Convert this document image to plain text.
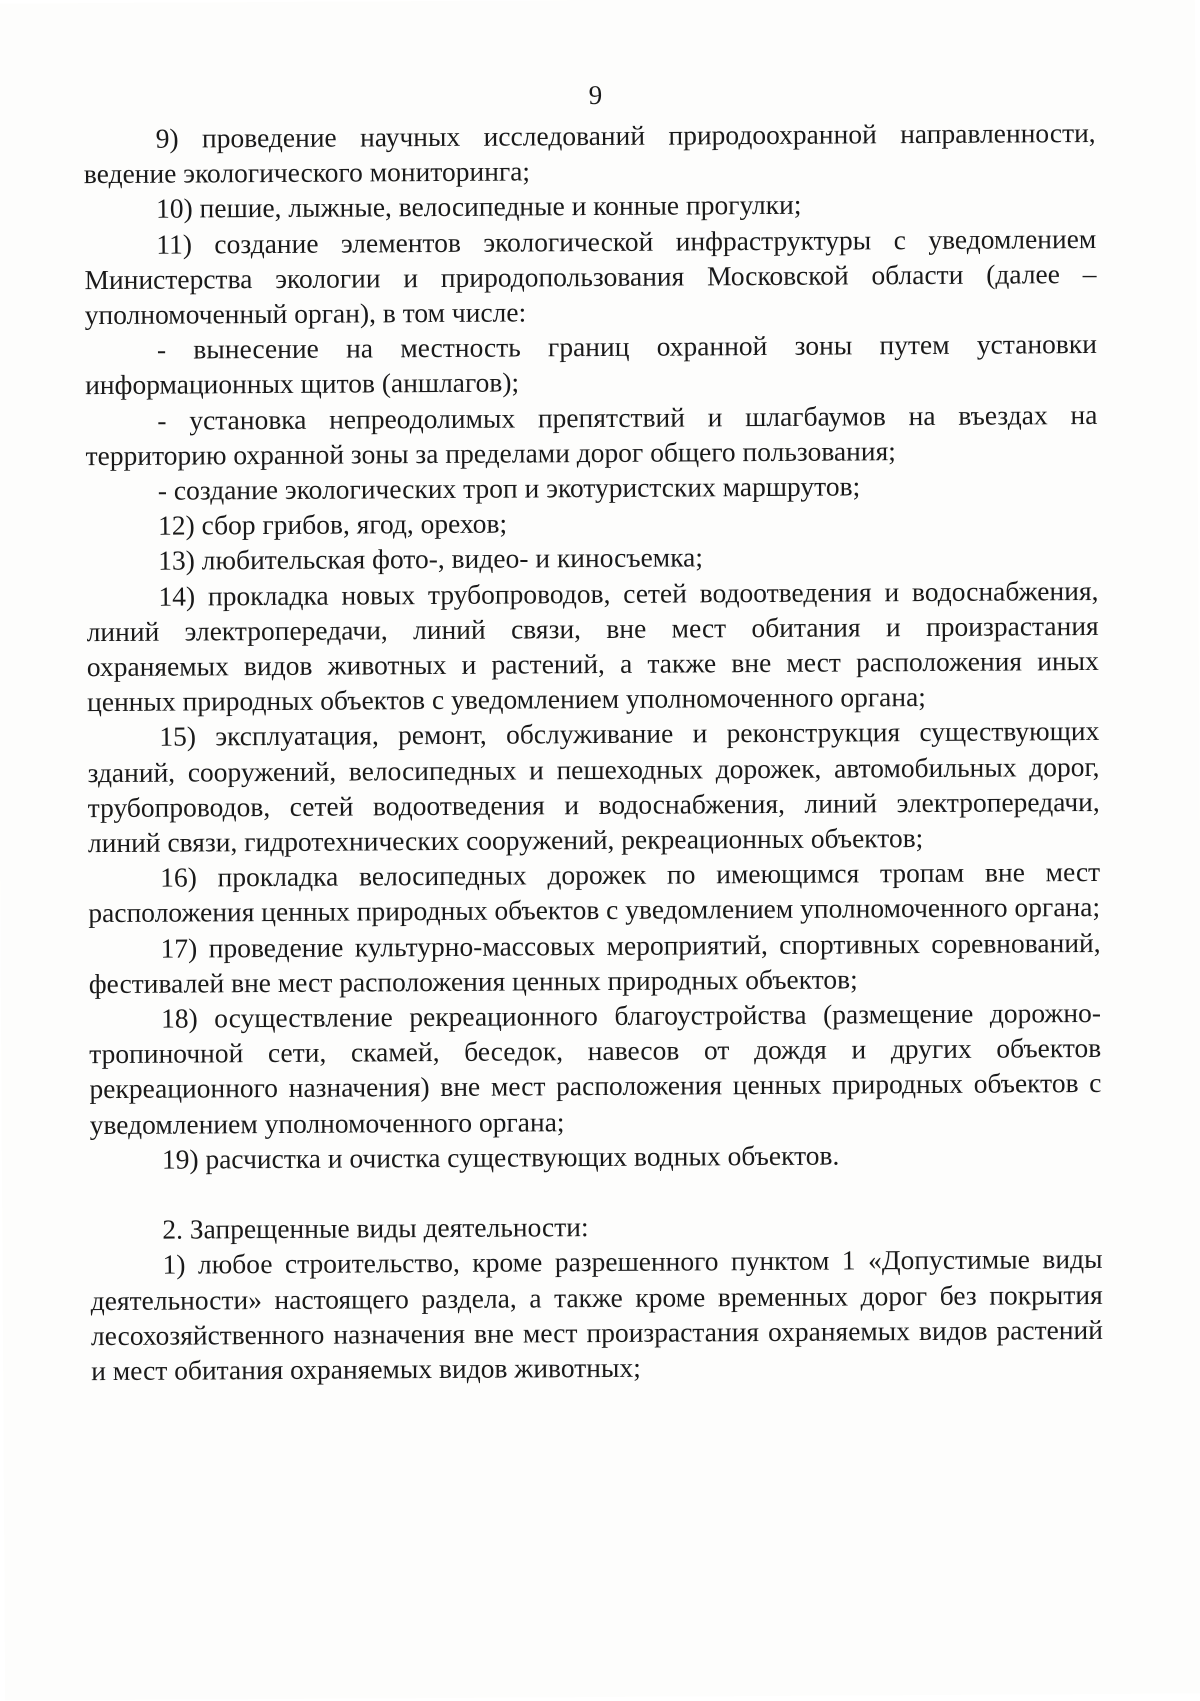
9

9) проведение научных исследований природоохранной направленности, ведение экологического мониторинга;

10) пешие, лыжные, велосипедные и конные прогулки;

11) создание элементов экологической инфраструктуры с уведомлением Министерства экологии и природопользования Московской области (далее – уполномоченный орган), в том числе:

- вынесение на местность границ охранной зоны путем установки информационных щитов (аншлагов);

- установка непреодолимых препятствий и шлагбаумов на въездах на территорию охранной зоны за пределами дорог общего пользования;

- создание экологических троп и экотуристских маршрутов;

12) сбор грибов, ягод, орехов;

13) любительская фото-, видео- и киносъемка;

14) прокладка новых трубопроводов, сетей водоотведения и водоснабжения, линий электропередачи, линий связи, вне мест обитания и произрастания охраняемых видов животных и растений, а также вне мест расположения иных ценных природных объектов с уведомлением уполномоченного органа;

15) эксплуатация, ремонт, обслуживание и реконструкция существующих зданий, сооружений, велосипедных и пешеходных дорожек, автомобильных дорог, трубопроводов, сетей водоотведения и водоснабжения, линий электропередачи, линий связи, гидротехнических сооружений, рекреационных объектов;

16) прокладка велосипедных дорожек по имеющимся тропам вне мест расположения ценных природных объектов с уведомлением уполномоченного органа;

17) проведение культурно-массовых мероприятий, спортивных соревнований, фестивалей вне мест расположения ценных природных объектов;

18) осуществление рекреационного благоустройства (размещение дорожно-тропиночной сети, скамей, беседок, навесов от дождя и других объектов рекреационного назначения) вне мест расположения ценных природных объектов с уведомлением уполномоченного органа;

19) расчистка и очистка существующих водных объектов.

2. Запрещенные виды деятельности:

1) любое строительство, кроме разрешенного пунктом 1 «Допустимые виды деятельности» настоящего раздела, а также кроме временных дорог без покрытия лесохозяйственного назначения вне мест произрастания охраняемых видов растений и мест обитания охраняемых видов животных;
